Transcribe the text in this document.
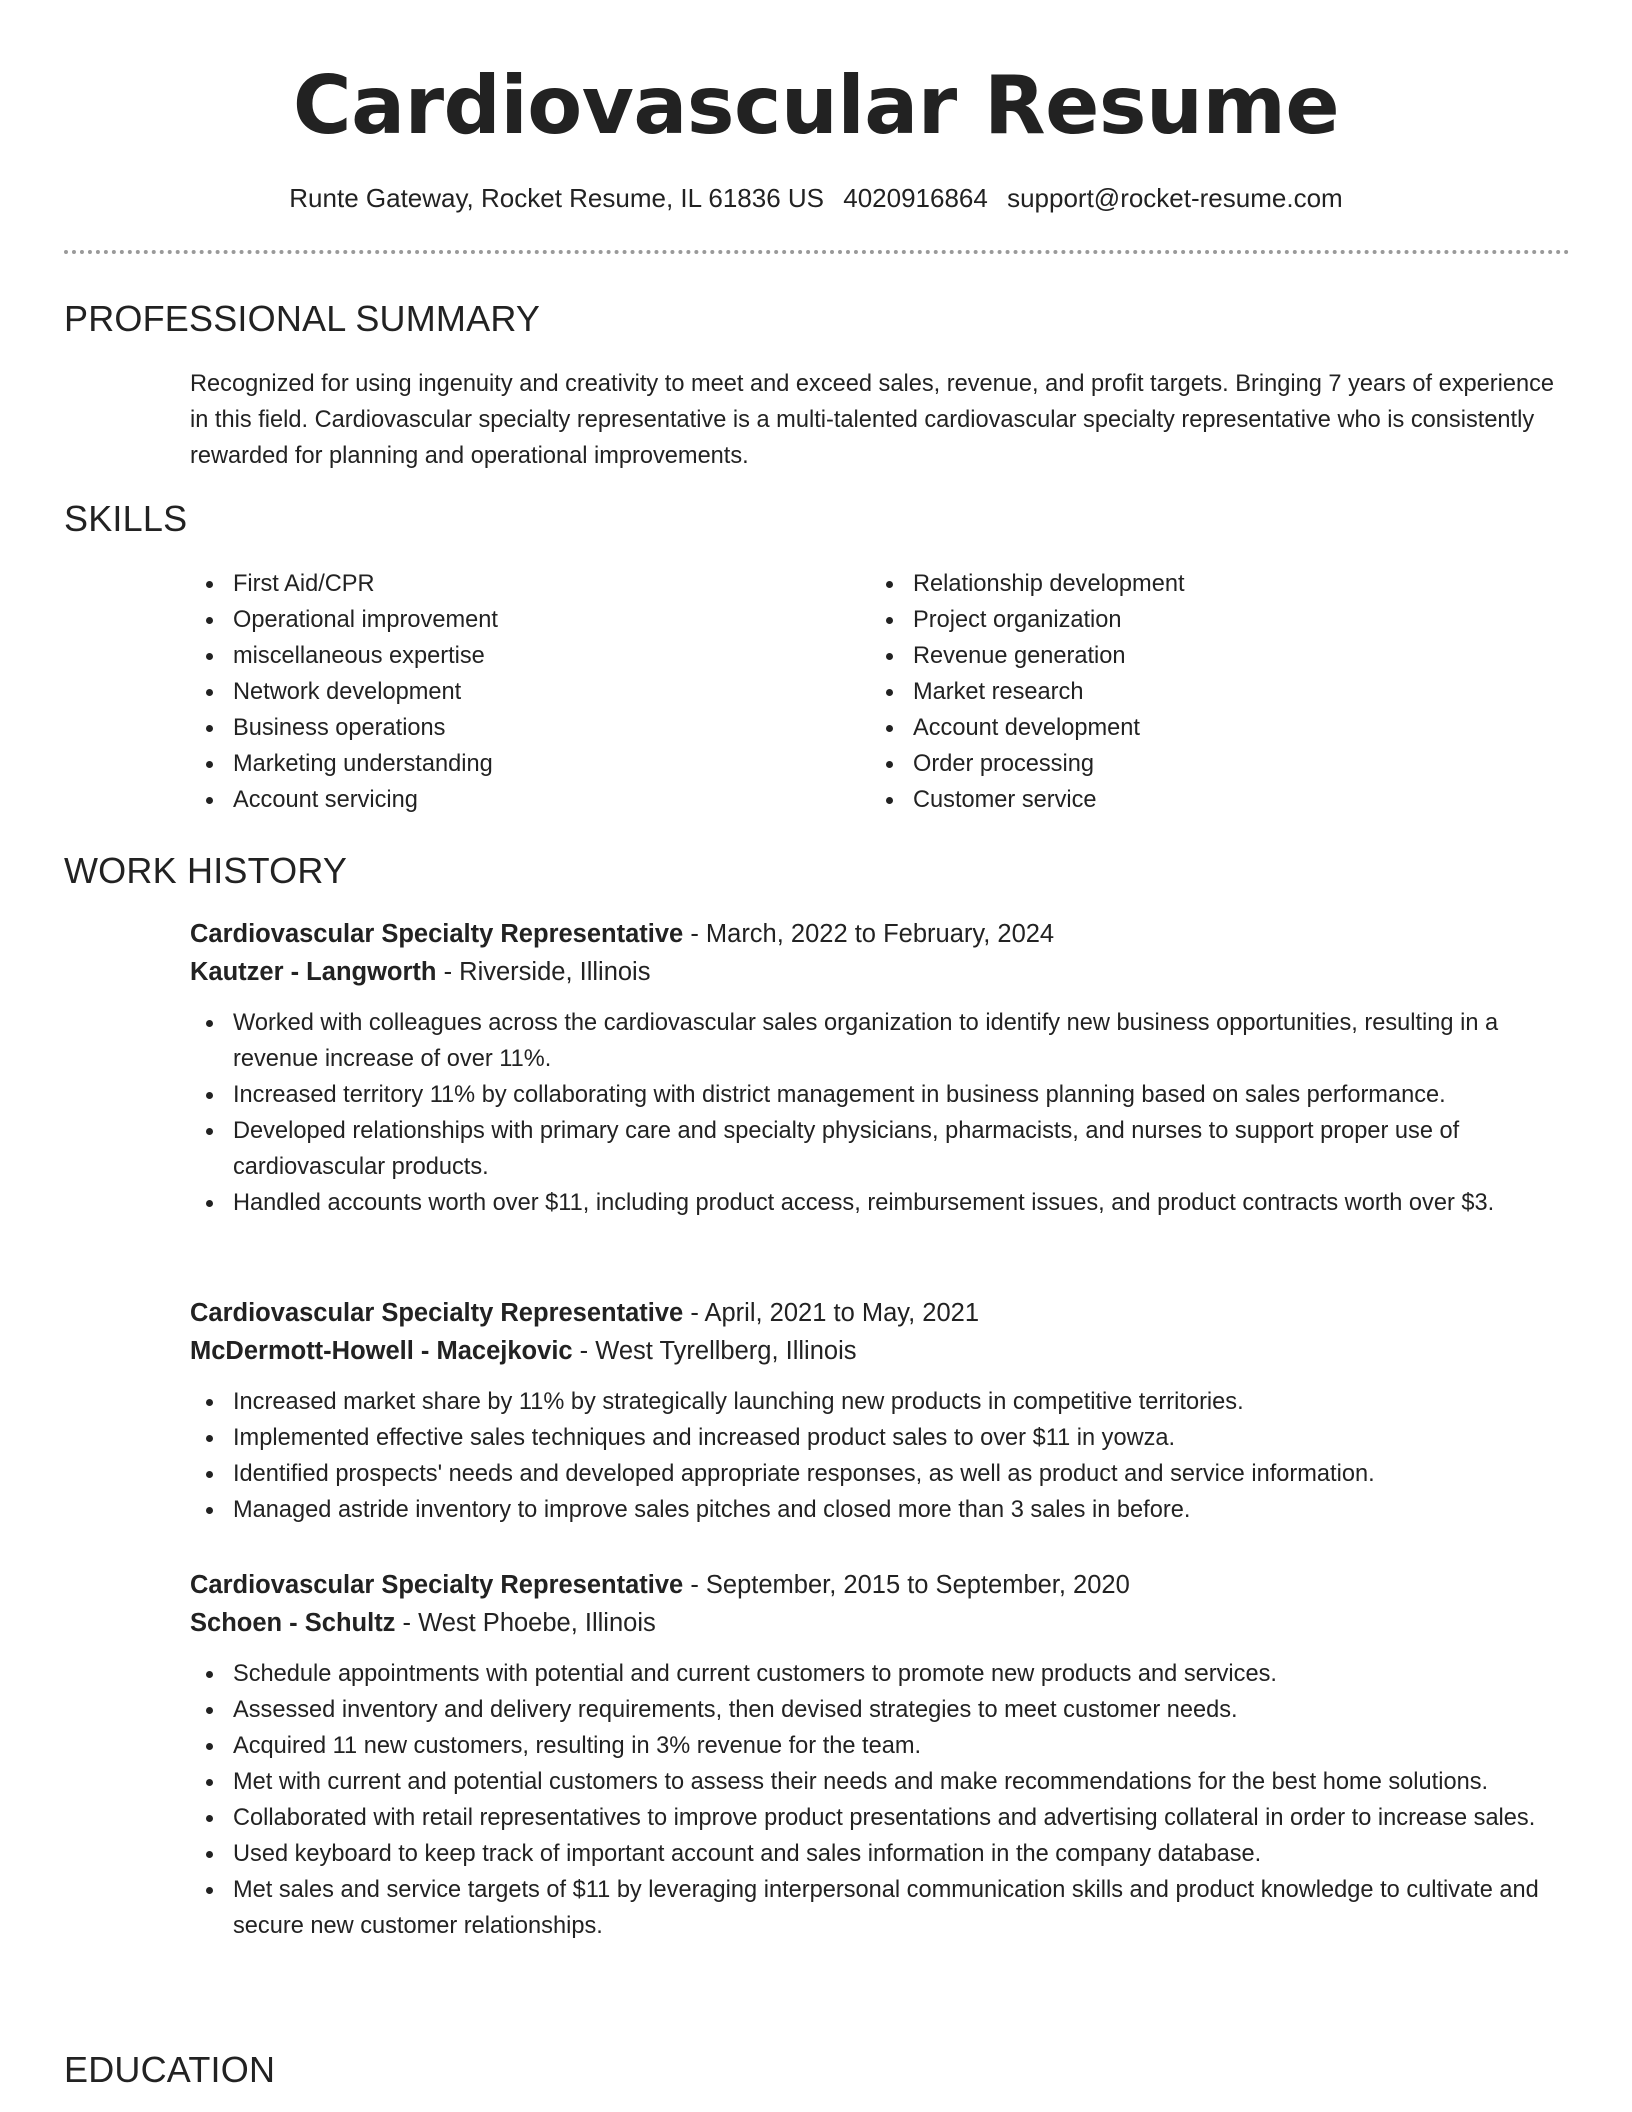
Cardiovascular Resume
Runte Gateway, Rocket Resume, IL 61836 US 4020916864 support@rocket-resume.com
PROFESSIONAL SUMMARY
Recognized for using ingenuity and creativity to meet and exceed sales, revenue, and profit targets. Bringing 7 years of experience in this field. Cardiovascular specialty representative is a multi-talented cardiovascular specialty representative who is consistently rewarded for planning and operational improvements.
SKILLS
First Aid/CPR
Operational improvement
miscellaneous expertise
Network development
Business operations
Marketing understanding
Account servicing
Relationship development
Project organization
Revenue generation
Market research
Account development
Order processing
Customer service
WORK HISTORY
Cardiovascular Specialty Representative - March, 2022 to February, 2024
Kautzer - Langworth - Riverside, Illinois
Worked with colleagues across the cardiovascular sales organization to identify new business opportunities, resulting in a revenue increase of over 11%.
Increased territory 11% by collaborating with district management in business planning based on sales performance.
Developed relationships with primary care and specialty physicians, pharmacists, and nurses to support proper use of cardiovascular products.
Handled accounts worth over $11, including product access, reimbursement issues, and product contracts worth over $3.
Cardiovascular Specialty Representative - April, 2021 to May, 2021
McDermott-Howell - Macejkovic - West Tyrellberg, Illinois
Increased market share by 11% by strategically launching new products in competitive territories.
Implemented effective sales techniques and increased product sales to over $11 in yowza.
Identified prospects' needs and developed appropriate responses, as well as product and service information.
Managed astride inventory to improve sales pitches and closed more than 3 sales in before.
Cardiovascular Specialty Representative - September, 2015 to September, 2020
Schoen - Schultz - West Phoebe, Illinois
Schedule appointments with potential and current customers to promote new products and services.
Assessed inventory and delivery requirements, then devised strategies to meet customer needs.
Acquired 11 new customers, resulting in 3% revenue for the team.
Met with current and potential customers to assess their needs and make recommendations for the best home solutions.
Collaborated with retail representatives to improve product presentations and advertising collateral in order to increase sales.
Used keyboard to keep track of important account and sales information in the company database.
Met sales and service targets of $11 by leveraging interpersonal communication skills and product knowledge to cultivate and secure new customer relationships.
EDUCATION
